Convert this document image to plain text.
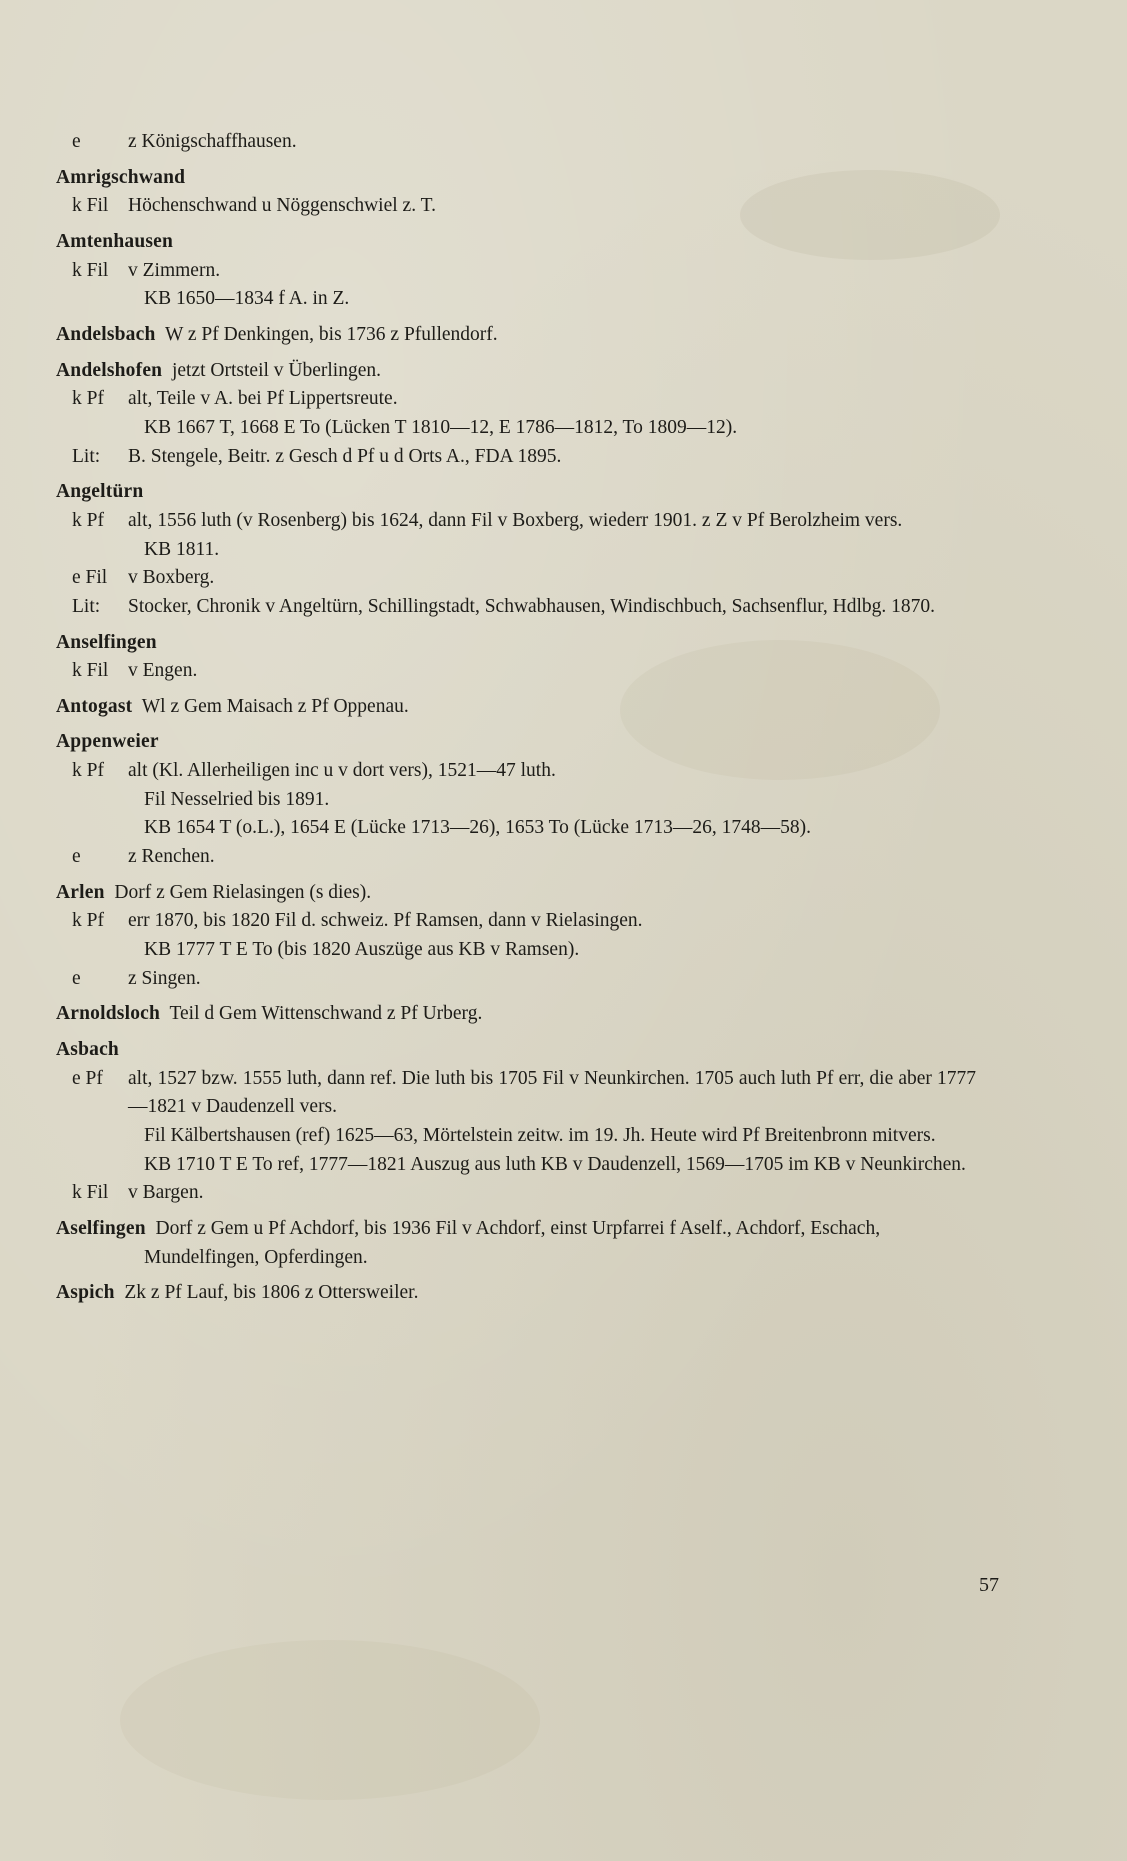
e	z Königschaffhausen.
Amrigschwand
k Fil	Höchenschwand u Nöggenschwiel z. T.
Amtenhausen
k Fil	v Zimmern.
KB 1650—1834 f A. in Z.
Andelsbach W z Pf Denkingen, bis 1736 z Pfullendorf.
Andelshofen jetzt Ortsteil v Überlingen.
k Pf	alt, Teile v A. bei Pf Lippertsreute.
KB 1667 T, 1668 E To (Lücken T 1810—12, E 1786—1812, To 1809—12).
Lit:	B. Stengele, Beitr. z Gesch d Pf u d Orts A., FDA 1895.
Angeltürn
k Pf	alt, 1556 luth (v Rosenberg) bis 1624, dann Fil v Boxberg, wiederr 1901. z Z v Pf Berolzheim vers.
KB 1811.
e Fil	v Boxberg.
Lit:	Stocker, Chronik v Angeltürn, Schillingstadt, Schwabhausen, Windischbuch, Sachsenflur, Hdlbg. 1870.
Anselfingen
k Fil	v Engen.
Antogast Wl z Gem Maisach z Pf Oppenau.
Appenweier
k Pf	alt (Kl. Allerheiligen inc u v dort vers), 1521—47 luth.
Fil Nesselried bis 1891.
KB 1654 T (o.L.), 1654 E (Lücke 1713—26), 1653 To (Lücke 1713—26, 1748—58).
e	z Renchen.
Arlen Dorf z Gem Rielasingen (s dies).
k Pf	err 1870, bis 1820 Fil d. schweiz. Pf Ramsen, dann v Rielasingen.
KB 1777 T E To (bis 1820 Auszüge aus KB v Ramsen).
e	z Singen.
Arnoldsloch Teil d Gem Wittenschwand z Pf Urberg.
Asbach
e Pf	alt, 1527 bzw. 1555 luth, dann ref. Die luth bis 1705 Fil v Neunkirchen. 1705 auch luth Pf err, die aber 1777—1821 v Daudenzell vers.
Fil Kälbertshausen (ref) 1625—63, Mörtelstein zeitw. im 19. Jh. Heute wird Pf Breitenbronn mitvers.
KB 1710 T E To ref, 1777—1821 Auszug aus luth KB v Daudenzell, 1569—1705 im KB v Neunkirchen.
k Fil	v Bargen.
Aselfingen Dorf z Gem u Pf Achdorf, bis 1936 Fil v Achdorf, einst Urpfarrei f Aself., Achdorf, Eschach, Mundelfingen, Opferdingen.
Aspich Zk z Pf Lauf, bis 1806 z Ottersweiler.
57
